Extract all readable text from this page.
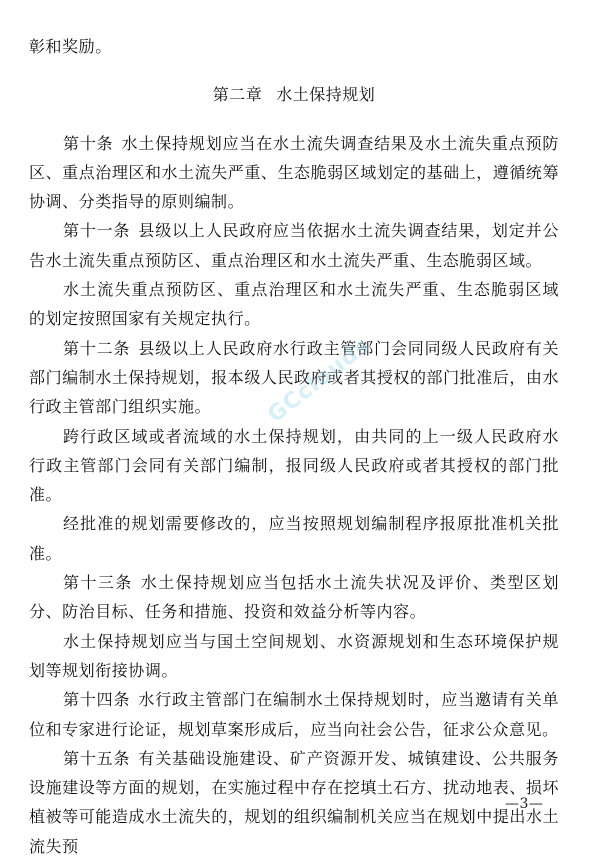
彰和奖励。

第二章 水土保持规划

第十条 水土保持规划应当在水土流失调查结果及水土流失重点预防区、重点治理区和水土流失严重、生态脆弱区域划定的基础上，遵循统筹协调、分类指导的原则编制。

第十一条 县级以上人民政府应当依据水土流失调查结果，划定并公告水土流失重点预防区、重点治理区和水土流失严重、生态脆弱区域。

水土流失重点预防区、重点治理区和水土流失严重、生态脆弱区域的划定按照国家有关规定执行。

第十二条 县级以上人民政府水行政主管部门会同同级人民政府有关部门编制水土保持规划，报本级人民政府或者其授权的部门批准后，由水行政主管部门组织实施。

跨行政区域或者流域的水土保持规划，由共同的上一级人民政府水行政主管部门会同有关部门编制，报同级人民政府或者其授权的部门批准。

经批准的规划需要修改的，应当按照规划编制程序报原批准机关批准。

第十三条 水土保持规划应当包括水土流失状况及评价、类型区划分、防治目标、任务和措施、投资和效益分析等内容。

水土保持规划应当与国土空间规划、水资源规划和生态环境保护规划等规划衔接协调。

第十四条 水行政主管部门在编制水土保持规划时，应当邀请有关单位和专家进行论证，规划草案形成后，应当向社会公告，征求公众意见。

第十五条 有关基础设施建设、矿产资源开发、城镇建设、公共服务设施建设等方面的规划，在实施过程中存在挖填土石方、扰动地表、损坏植被等可能造成水土流失的，规划的组织编制机关应当在规划中提出水土流失预

GCclouds
—3—
